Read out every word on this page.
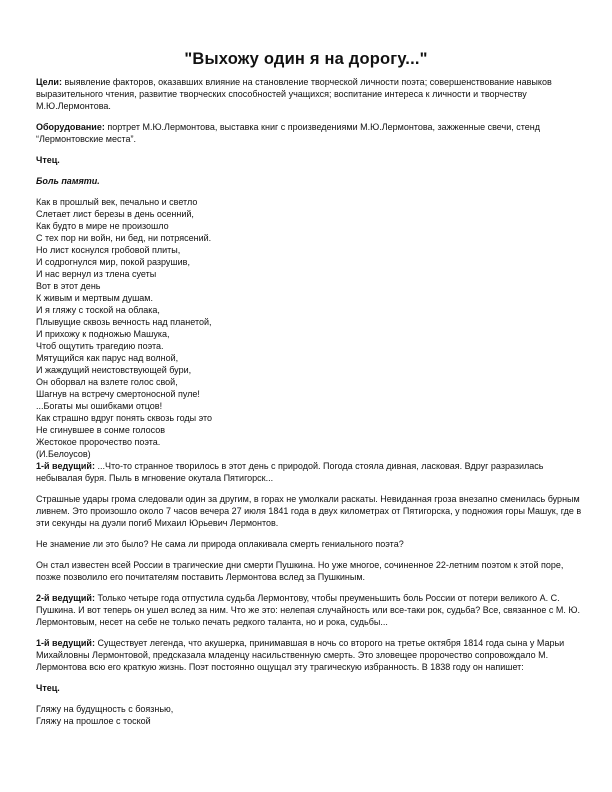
"Выхожу один я на дорогу..."

Цели: выявление факторов, оказавших влияние на становление творческой личности поэта; совершенствование навыков выразительного чтения, развитие творческих способностей учащихся; воспитание интереса к личности и творчеству М.Ю.Лермонтова.

Оборудование: портрет М.Ю.Лермонтова, выставка книг с произведениями М.Ю.Лермонтова, зажженные свечи, стенд “Лермонтовские места”.

Чтец.

Боль памяти.

Как в прошлый век, печально и светло
Слетает лист березы в день осенний,
Как будто в мире не произошло
С тех пор ни войн, ни бед, ни потрясений.
Но лист коснулся гробовой плиты,
И содрогнулся мир, покой разрушив,
И нас вернул из тлена суеты
Вот в этот день
К живым и мертвым душам.
И я гляжу с тоской на облака,
Плывущие сквозь вечность над планетой,
И прихожу к подножью Машука,
Чтоб ощутить трагедию поэта.
Мятущийся как парус над волной,
И жаждущий неистовствующей бури,
Он оборвал на взлете голос свой,
Шагнув на встречу смертоносной пуле!
...Богаты мы ошибками отцов!
Как страшно вдруг понять сквозь годы это
Не сгинувшее в сонме голосов
Жестокое пророчество поэта.
(И.Белоусов)

1-й ведущий: ...Что-то странное творилось в этот день с природой. Погода стояла дивная, ласковая. Вдруг разразилась небывалая буря. Пыль в мгновение окутала Пятигорск...

Страшные удары грома следовали один за другим, в горах не умолкали раскаты. Невиданная гроза внезапно сменилась бурным ливнем. Это произошло около 7 часов вечера 27 июля 1841 года в двух километрах от Пятигорска, у подножия горы Машук, где в эти секунды на дуэли погиб Михаил Юрьевич Лермонтов.

Не знамение ли это было? Не сама ли природа оплакивала смерть гениального поэта?

Он стал известен всей России в трагические дни смерти Пушкина. Но уже многое, сочиненное 22-летним поэтом к этой поре, позже позволило его почитателям поставить Лермонтова вслед за Пушкиным.

2-й ведущий: Только четыре года отпустила судьба Лермонтову, чтобы преуменьшить боль России от потери великого А. С. Пушкина. И вот теперь он ушел вслед за ним. Что же это: нелепая случайность или все-таки рок, судьба? Все, связанное с М. Ю. Лермонтовым, несет на себе не только печать редкого таланта, но и рока, судьбы...

1-й ведущий: Существует легенда, что акушерка, принимавшая в ночь со второго на третье октября 1814 года сына у Марьи Михайловны Лермонтовой, предсказала младенцу насильственную смерть. Это зловещее пророчество сопровождало М. Лермонтова всю его краткую жизнь. Поэт постоянно ощущал эту трагическую избранность. В 1838 году он напишет:

Чтец.

Гляжу на будущность с боязнью,
Гляжу на прошлое с тоской
